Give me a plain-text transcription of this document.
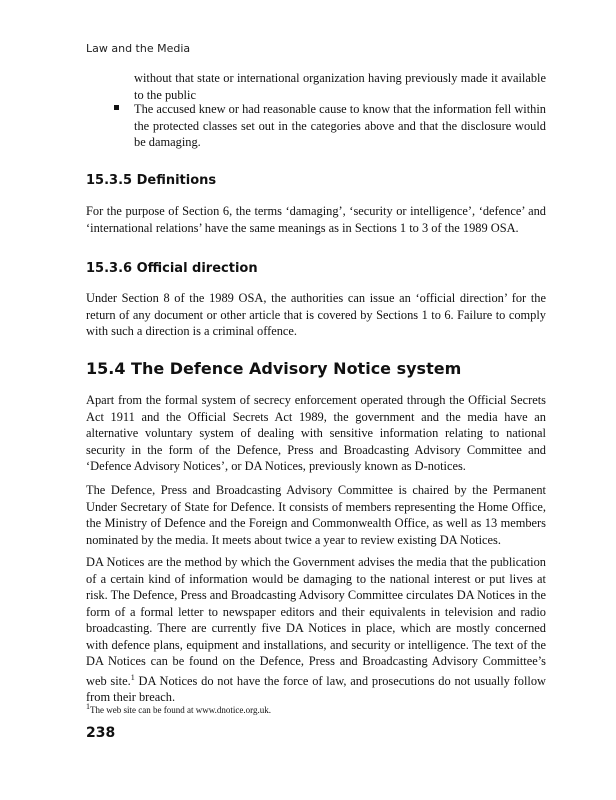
Law and the Media
without that state or international organization having previously made it available to the public
The accused knew or had reasonable cause to know that the information fell within the protected classes set out in the categories above and that the disclosure would be damaging.
15.3.5 Definitions

For the purpose of Section 6, the terms ‘damaging’, ‘security or intelligence’, ‘defence’ and ‘international relations’ have the same meanings as in Sections 1 to 3 of the 1989 OSA.

15.3.6 Official direction

Under Section 8 of the 1989 OSA, the authorities can issue an ‘official direction’ for the return of any document or other article that is covered by Sections 1 to 6. Failure to comply with such a direction is a criminal offence.

15.4 The Defence Advisory Notice system

Apart from the formal system of secrecy enforcement operated through the Official Secrets Act 1911 and the Official Secrets Act 1989, the government and the media have an alternative voluntary system of dealing with sensitive information relating to national security in the form of the Defence, Press and Broadcasting Advisory Committee and ‘Defence Advisory Notices’, or DA Notices, previously known as D-notices.

The Defence, Press and Broadcasting Advisory Committee is chaired by the Permanent Under Secretary of State for Defence. It consists of members representing the Home Office, the Ministry of Defence and the Foreign and Commonwealth Office, as well as 13 members nominated by the media. It meets about twice a year to review existing DA Notices.

DA Notices are the method by which the Government advises the media that the publication of a certain kind of information would be damaging to the national interest or put lives at risk. The Defence, Press and Broadcasting Advisory Committee circulates DA Notices in the form of a formal letter to newspaper editors and their equivalents in television and radio broadcasting. There are currently five DA Notices in place, which are mostly concerned with defence plans, equipment and installations, and security or intelligence. The text of the DA Notices can be found on the Defence, Press and Broadcasting Advisory Committee’s web site.$^1$ DA Notices do not have the force of law, and prosecutions do not usually follow from their breach.

$^1$The web site can be found at www.dnotice.org.uk.
238
